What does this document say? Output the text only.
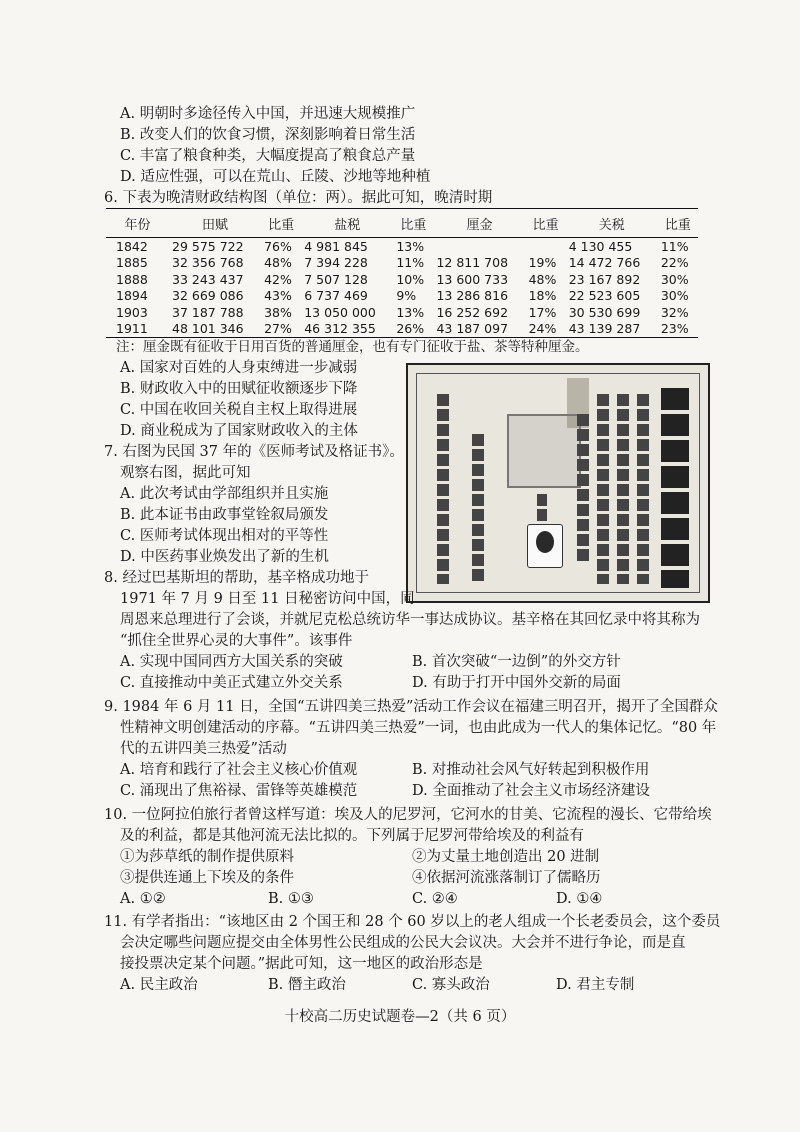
A. 明朝时多途径传入中国，并迅速大规模推广
B. 改变人们的饮食习惯，深刻影响着日常生活
C. 丰富了粮食种类，大幅度提高了粮食总产量
D. 适应性强，可以在荒山、丘陵、沙地等地种植
6. 下表为晚清财政结构图（单位：两）。据此可知，晚清时期
年份	田赋	比重	盐税	比重	厘金	比重	关税	比重
1842	29 575 722	76%	4 981 845	13%			4 130 455	11%
1885	32 356 768	48%	7 394 228	11%	12 811 708	19%	14 472 766	22%
1888	33 243 437	42%	7 507 128	10%	13 600 733	48%	23 167 892	30%
1894	32 669 086	43%	6 737 469	9%	13 286 816	18%	22 523 605	30%
1903	37 187 788	38%	13 050 000	13%	16 252 692	17%	30 530 699	32%
1911	48 101 346	27%	46 312 355	26%	43 187 097	24%	43 139 287	23%
注：厘金既有征收于日用百货的普通厘金，也有专门征收于盐、茶等特种厘金。
A. 国家对百姓的人身束缚进一步减弱
B. 财政收入中的田赋征收额逐步下降
C. 中国在收回关税自主权上取得进展
D. 商业税成为了国家财政收入的主体
7. 右图为民国 37 年的《医师考试及格证书》。
观察右图，据此可知
A. 此次考试由学部组织并且实施
B. 此本证书由政事堂铨叙局颁发
C. 医师考试体现出相对的平等性
D. 中医药事业焕发出了新的生机
8. 经过巴基斯坦的帮助，基辛格成功地于
1971 年 7 月 9 日至 11 日秘密访问中国，同
周恩来总理进行了会谈，并就尼克松总统访华一事达成协议。基辛格在其回忆录中将其称为
“抓住全世界心灵的大事件”。该事件
A. 实现中国同西方大国关系的突破	B. 首次突破“一边倒”的外交方针
C. 直接推动中美正式建立外交关系	D. 有助于打开中国外交新的局面
9. 1984 年 6 月 11 日，全国“五讲四美三热爱”活动工作会议在福建三明召开，揭开了全国群众
性精神文明创建活动的序幕。“五讲四美三热爱”一词，也由此成为一代人的集体记忆。“80 年
代的五讲四美三热爱”活动
A. 培育和践行了社会主义核心价值观	B. 对推动社会风气好转起到积极作用
C. 涌现出了焦裕禄、雷锋等英雄模范	D. 全面推动了社会主义市场经济建设
10. 一位阿拉伯旅行者曾这样写道：埃及人的尼罗河，它河水的甘美、它流程的漫长、它带给埃
及的利益，都是其他河流无法比拟的。下列属于尼罗河带给埃及的利益有
①为莎草纸的制作提供原料	②为丈量土地创造出 20 进制
③提供连通上下埃及的条件	④依据河流涨落制订了儒略历
A. ①②	B. ①③	C. ②④	D. ①④
11. 有学者指出：“该地区由 2 个国王和 28 个 60 岁以上的老人组成一个长老委员会，这个委员
会决定哪些问题应提交由全体男性公民组成的公民大会议决。大会并不进行争论，而是直
接投票决定某个问题。”据此可知，这一地区的政治形态是
A. 民主政治	B. 僭主政治	C. 寡头政治	D. 君主专制
十校高二历史试题卷—2（共 6 页）
